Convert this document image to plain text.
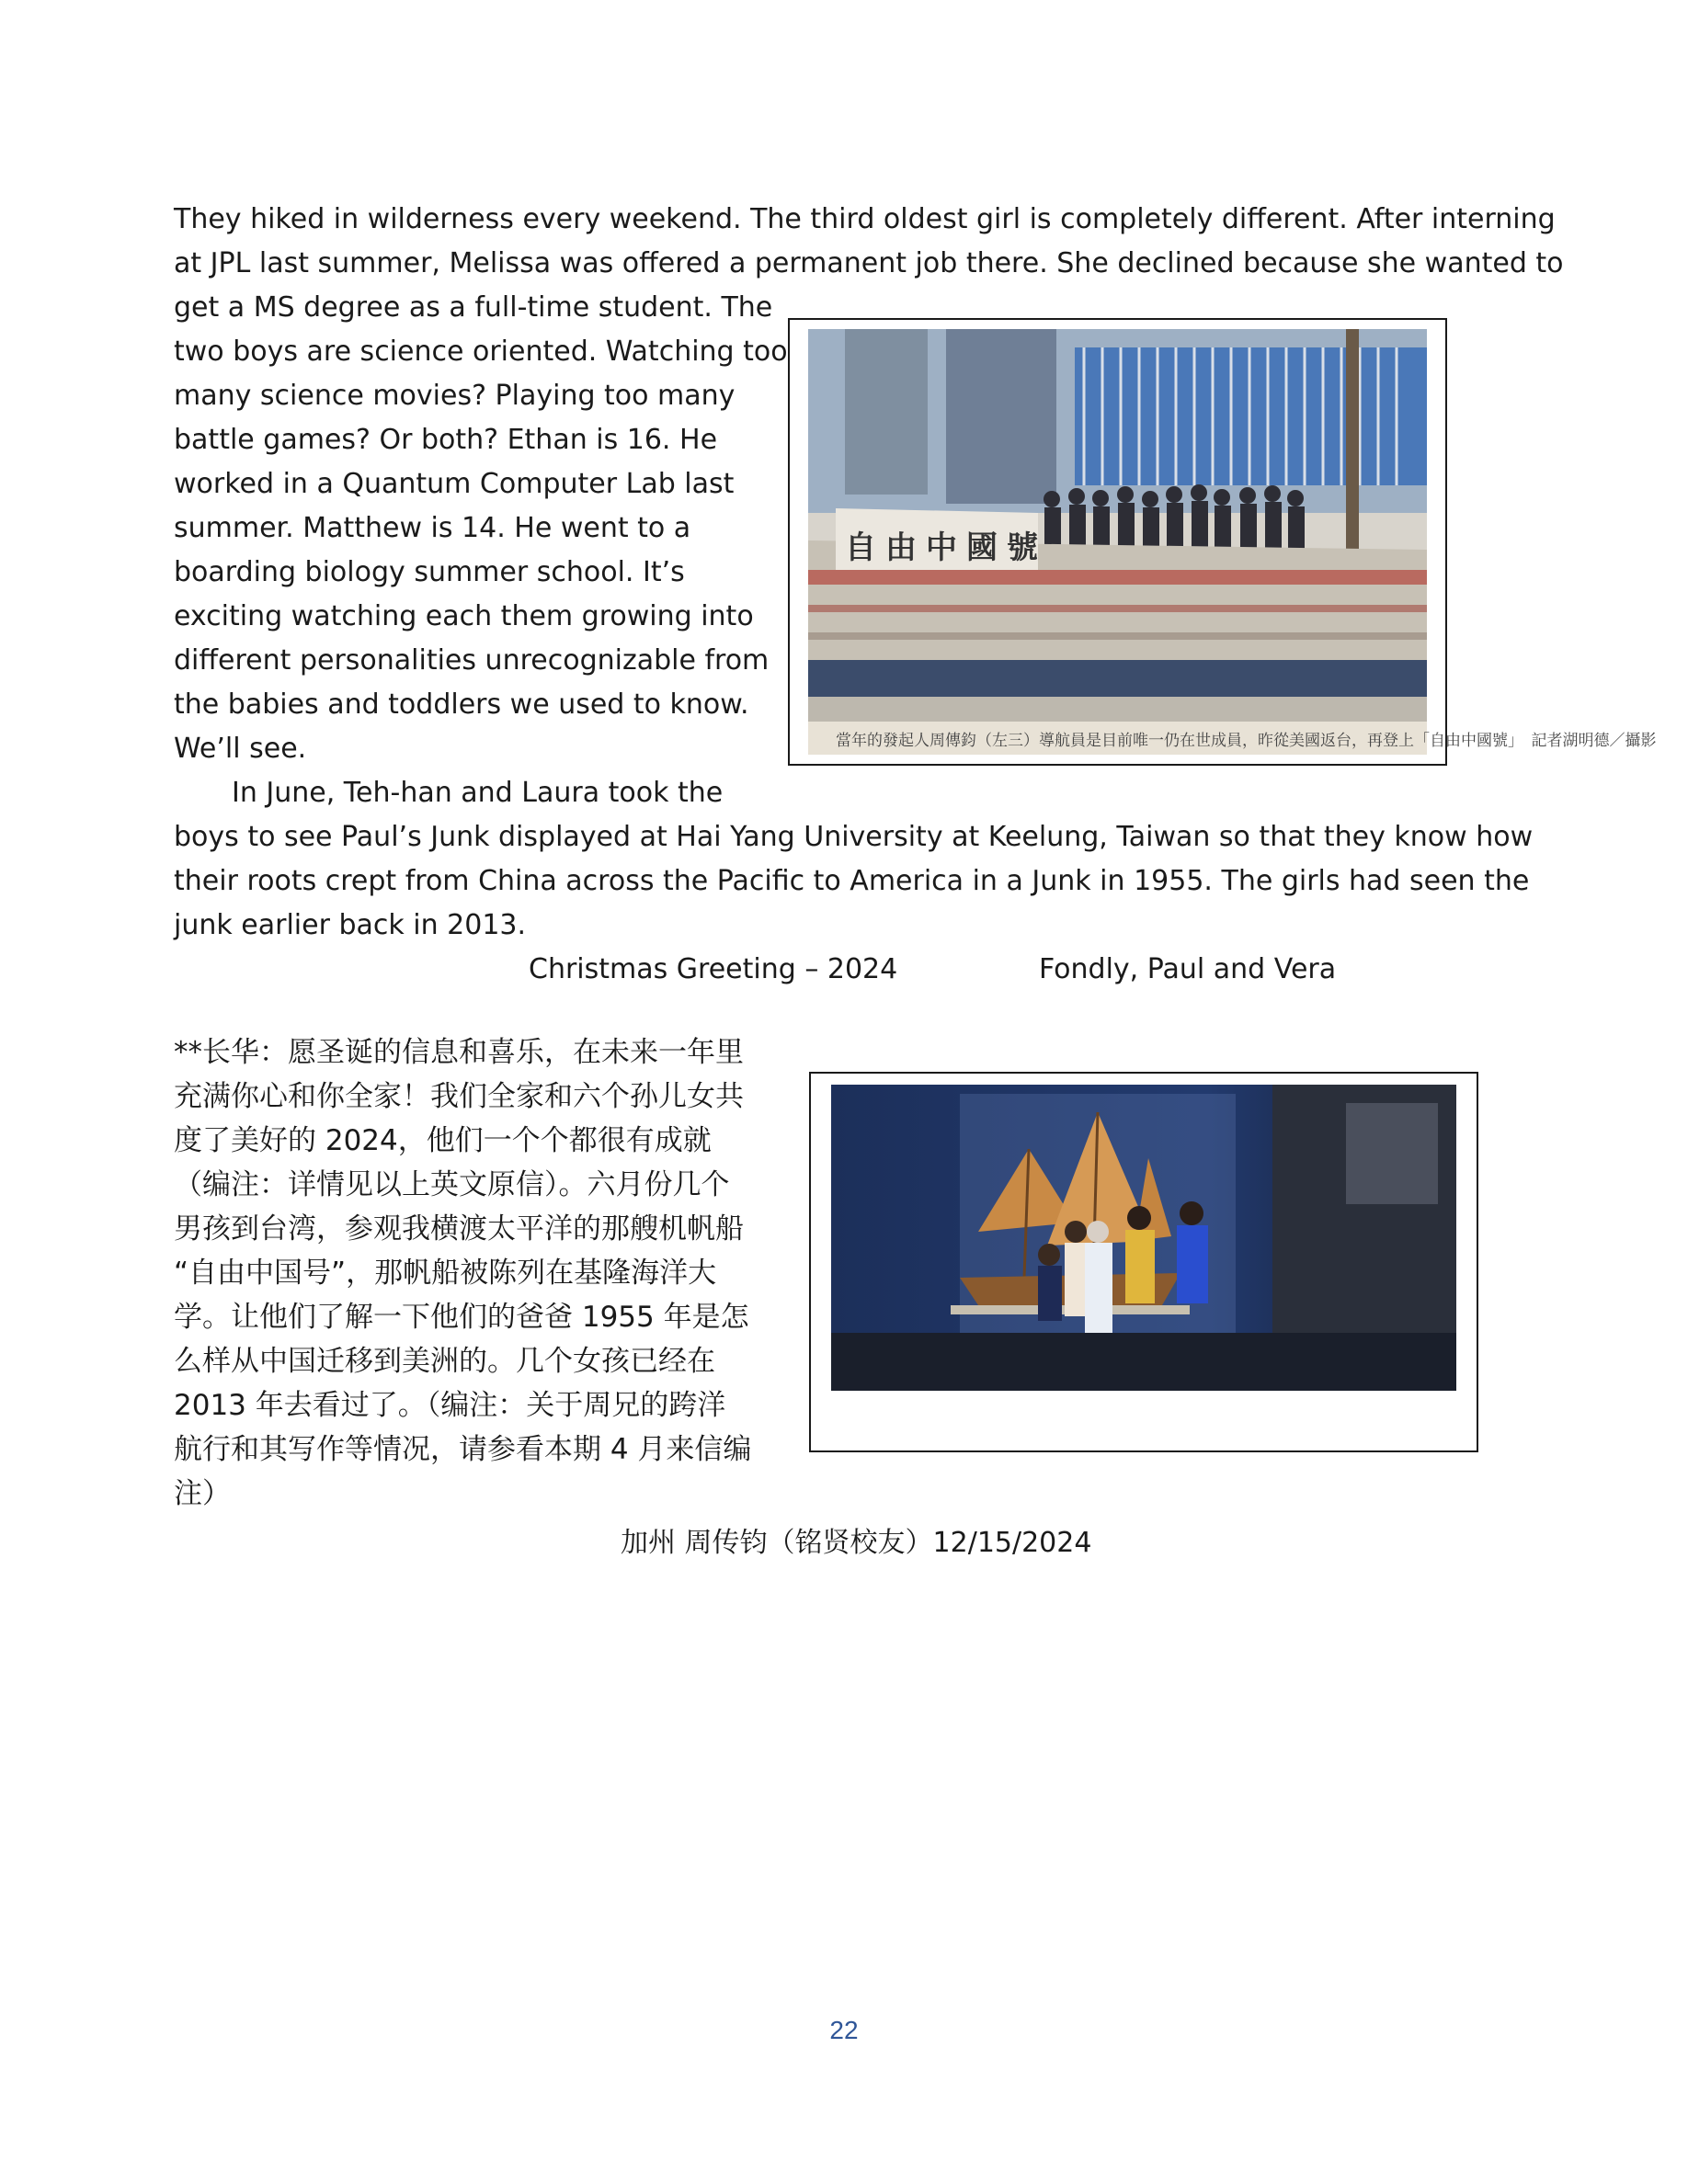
They hiked in wilderness every weekend. The third oldest girl is completely different. After interning
at JPL last summer, Melissa was offered a permanent job there. She declined because she wanted to
get a MS degree as a full-time student. The
two boys are science oriented. Watching too
many science movies? Playing too many
battle games? Or both? Ethan is 16. He
worked in a Quantum Computer Lab last
summer. Matthew is 14. He went to a
boarding biology summer school. It’s
exciting watching each them growing into
different personalities unrecognizable from
the babies and toddlers we used to know.
We’ll see.
In June, Teh-han and Laura took the
boys to see Paul’s Junk displayed at Hai Yang University at Keelung, Taiwan so that they know how
their roots crept from China across the Pacific to America in a Junk in 1955. The girls had seen the
junk earlier back in 2013.
Christmas Greeting – 2024	Fondly, Paul and Vera
自由中國號
當年的發起人周傳鈞（左三）導航員是目前唯一仍在世成員，昨從美國返台，再登上「自由中國號」　記者湖明德／攝影
**长华：愿圣诞的信息和喜乐，在未来一年里
充满你心和你全家！我们全家和六个孙儿女共
度了美好的 2024，他们一个个都很有成就
（编注：详情见以上英文原信）。六月份几个
男孩到台湾，参观我横渡太平洋的那艘机帆船
“自由中国号”，那帆船被陈列在基隆海洋大
学。让他们了解一下他们的爸爸 1955 年是怎
么样从中国迁移到美洲的。几个女孩已经在
2013 年去看过了。（编注：关于周兄的跨洋
航行和其写作等情况，请参看本期 4 月来信编
注）
加州 周传钧（铭贤校友）12/15/2024
22
